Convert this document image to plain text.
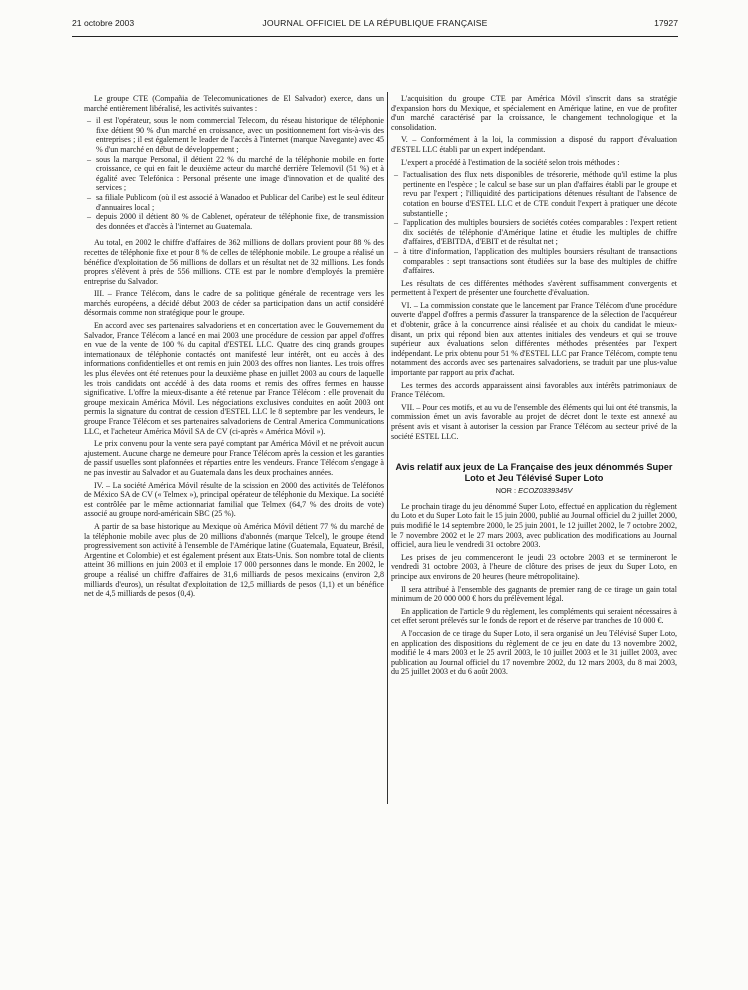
21 octobre 2003	JOURNAL OFFICIEL DE LA RÉPUBLIQUE FRANÇAISE	17927

Le groupe CTE (Compañia de Telecomunicationes de El Salvador) exerce, dans un marché entièrement libéralisé, les activités suivantes :

– il est l'opérateur, sous le nom commercial Telecom, du réseau historique de téléphonie fixe détient 90 % d'un marché en croissance, avec un positionnement fort vis-à-vis des entreprises ; il est également le leader de l'accès à l'internet (marque Navegante) avec 45 % d'un marché en début de développement ;
– sous la marque Personal, il détient 22 % du marché de la téléphonie mobile en forte croissance, ce qui en fait le deuxième acteur du marché derrière Telemovil (51 %) et à égalité avec Telefónica : Personal présente une image d'innovation et de qualité des services ;
– sa filiale Publicom (où il est associé à Wanadoo et Publicar del Caribe) est le seul éditeur d'annuaires local ;
– depuis 2000 il détient 80 % de Cablenet, opérateur de téléphonie fixe, de transmission des données et d'accès à l'internet au Guatemala.

Au total, en 2002 le chiffre d'affaires de 362 millions de dollars provient pour 88 % des recettes de téléphonie fixe et pour 8 % de celles de téléphonie mobile. Le groupe a réalisé un bénéfice d'exploitation de 56 millions de dollars et un résultat net de 32 millions. Les fonds propres s'élèvent à près de 556 millions. CTE est par le nombre d'employés la première entreprise du Salvador.

III. – France Télécom, dans le cadre de sa politique générale de recentrage vers les marchés européens, a décidé début 2003 de céder sa participation dans un actif considéré désormais comme non stratégique pour le groupe.

En accord avec ses partenaires salvadoriens et en concertation avec le Gouvernement du Salvador, France Télécom a lancé en mai 2003 une procédure de cession par appel d'offres en vue de la vente de 100 % du capital d'ESTEL LLC. Quatre des cinq grands groupes internationaux de téléphonie contactés ont manifesté leur intérêt, ont eu accès à des informations confidentielles et ont remis en juin 2003 des offres non liantes. Les trois offres les plus élevées ont été retenues pour la deuxième phase en juillet 2003 au cours de laquelle les trois candidats ont accédé à des data rooms et remis des offres fermes en hausse significative. L'offre la mieux-disante a été retenue par France Télécom : elle provenait du groupe mexicain América Móvil. Les négociations exclusives conduites en août 2003 ont permis la signature du contrat de cession d'ESTEL LLC le 8 septembre par les vendeurs, le groupe France Télécom et ses partenaires salvadoriens de Central America Communications LLC, et l'acheteur América Móvil SA de CV (ci-après « América Móvil »).

Le prix convenu pour la vente sera payé comptant par América Móvil et ne prévoit aucun ajustement. Aucune charge ne demeure pour France Télécom après la cession et les garanties de passif usuelles sont plafonnées et réparties entre les vendeurs. France Télécom s'engage à ne pas investir au Salvador et au Guatemala dans les deux prochaines années.

IV. – La société América Móvil résulte de la scission en 2000 des activités de Teléfonos de México SA de CV (« Telmex »), principal opérateur de téléphonie du Mexique. La société est contrôlée par le même actionnariat familial que Telmex (64,7 % des droits de vote) associé au groupe nord-américain SBC (25 %).

A partir de sa base historique au Mexique où América Móvil détient 77 % du marché de la téléphonie mobile avec plus de 20 millions d'abonnés (marque Telcel), le groupe étend progressivement son activité à l'ensemble de l'Amérique latine (Guatemala, Equateur, Brésil, Argentine et Colombie) et est également présent aux Etats-Unis. Son nombre total de clients atteint 36 millions en juin 2003 et il emploie 17 000 personnes dans le monde. En 2002, le groupe a réalisé un chiffre d'affaires de 31,6 milliards de pesos mexicains (environ 2,8 milliards d'euros), un résultat d'exploitation de 12,5 milliards de pesos (1,1) et un bénéfice net de 4,5 milliards de pesos (0,4).

L'acquisition du groupe CTE par América Móvil s'inscrit dans sa stratégie d'expansion hors du Mexique, et spécialement en Amérique latine, en vue de profiter d'un marché caractérisé par la croissance, le changement technologique et la consolidation.

V. – Conformément à la loi, la commission a disposé du rapport d'évaluation d'ESTEL LLC établi par un expert indépendant.

L'expert a procédé à l'estimation de la société selon trois méthodes :

– l'actualisation des flux nets disponibles de trésorerie, méthode qu'il estime la plus pertinente en l'espèce ; le calcul se base sur un plan d'affaires établi par le groupe et revu par l'expert ; l'illiquidité des participations détenues résultant de l'absence de cotation en bourse d'ESTEL LLC et de CTE conduit l'expert à pratiquer une décote substantielle ;
– l'application des multiples boursiers de sociétés cotées comparables : l'expert retient dix sociétés de téléphonie d'Amérique latine et étudie les multiples de chiffre d'affaires, d'EBITDA, d'EBIT et de résultat net ;
– à titre d'information, l'application des multiples boursiers résultant de transactions comparables : sept transactions sont étudiées sur la base des multiples de chiffre d'affaires.

Les résultats de ces différentes méthodes s'avèrent suffisamment convergents et permettent à l'expert de présenter une fourchette d'évaluation.

VI. – La commission constate que le lancement par France Télécom d'une procédure ouverte d'appel d'offres a permis d'assurer la transparence de la sélection de l'acquéreur et d'obtenir, grâce à la concurrence ainsi réalisée et au choix du candidat le mieux-disant, un prix qui répond bien aux attentes initiales des vendeurs et qui se trouve supérieur aux évaluations selon différentes méthodes présentées par l'expert indépendant. Le prix obtenu pour 51 % d'ESTEL LLC par France Télécom, compte tenu notamment des accords avec ses partenaires salvadoriens, se traduit par une plus-value importante par rapport au prix d'achat.

Les termes des accords apparaissent ainsi favorables aux intérêts patrimoniaux de France Télécom.

VII. – Pour ces motifs, et au vu de l'ensemble des éléments qui lui ont été transmis, la commission émet un avis favorable au projet de décret dont le texte est annexé au présent avis et visant à autoriser la cession par France Télécom au secteur privé de la société ESTEL LLC.

Avis relatif aux jeux de La Française des jeux dénommés Super Loto et Jeu Télévisé Super Loto
NOR : ECOZ0339345V

Le prochain tirage du jeu dénommé Super Loto, effectué en application du règlement du Loto et du Super Loto fait le 15 juin 2000, publié au Journal officiel du 2 juillet 2000, puis modifié le 14 septembre 2000, le 25 juin 2001, le 12 juillet 2002, le 7 octobre 2002, le 7 novembre 2002 et le 27 mars 2003, avec publication des modifications au Journal officiel, aura lieu le vendredi 31 octobre 2003.

Les prises de jeu commenceront le jeudi 23 octobre 2003 et se termineront le vendredi 31 octobre 2003, à l'heure de clôture des prises de jeux du Super Loto, en principe aux environs de 20 heures (heure métropolitaine).

Il sera attribué à l'ensemble des gagnants de premier rang de ce tirage un gain total minimum de 20 000 000 € hors du prélèvement légal.

En application de l'article 9 du règlement, les compléments qui seraient nécessaires à cet effet seront prélevés sur le fonds de report et de réserve par tranches de 10 000 €.

A l'occasion de ce tirage du Super Loto, il sera organisé un Jeu Télévisé Super Loto, en application des dispositions du règlement de ce jeu en date du 13 novembre 2002, modifié le 4 mars 2003 et le 25 avril 2003, le 10 juillet 2003 et le 31 juillet 2003, avec publication au Journal officiel du 17 novembre 2002, du 12 mars 2003, du 8 mai 2003, du 25 juillet 2003 et du 6 août 2003.
